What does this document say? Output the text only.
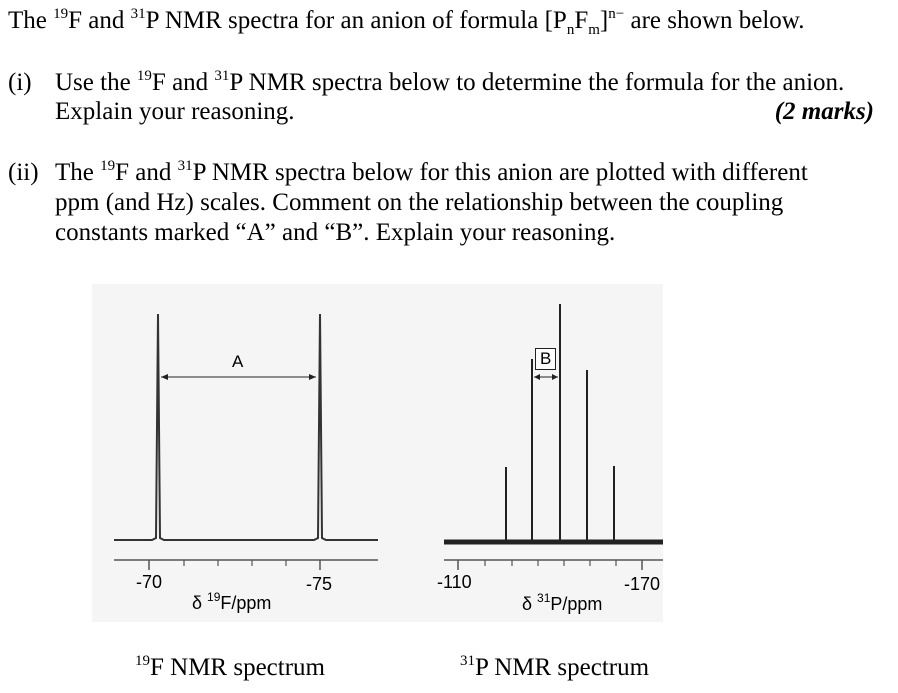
The $^{19}$F and $^{31}$P NMR spectra for an anion of formula $[P_nF_m]^{n-}$ are shown below.
(i) Use the $^{19}$F and $^{31}$P NMR spectra below to determine the formula for the anion.
Explain your reasoning.	(2 marks)
(ii) The $^{19}$F and $^{31}$P NMR spectra below for this anion are plotted with different
ppm (and Hz) scales. Comment on the relationship between the coupling
constants marked “A” and “B”. Explain your reasoning.
A	B
-70	-75
δ $^{19}$F/ppm
-110	-170
δ $^{31}$P/ppm
$^{19}$F NMR spectrum	$^{31}$P NMR spectrum
